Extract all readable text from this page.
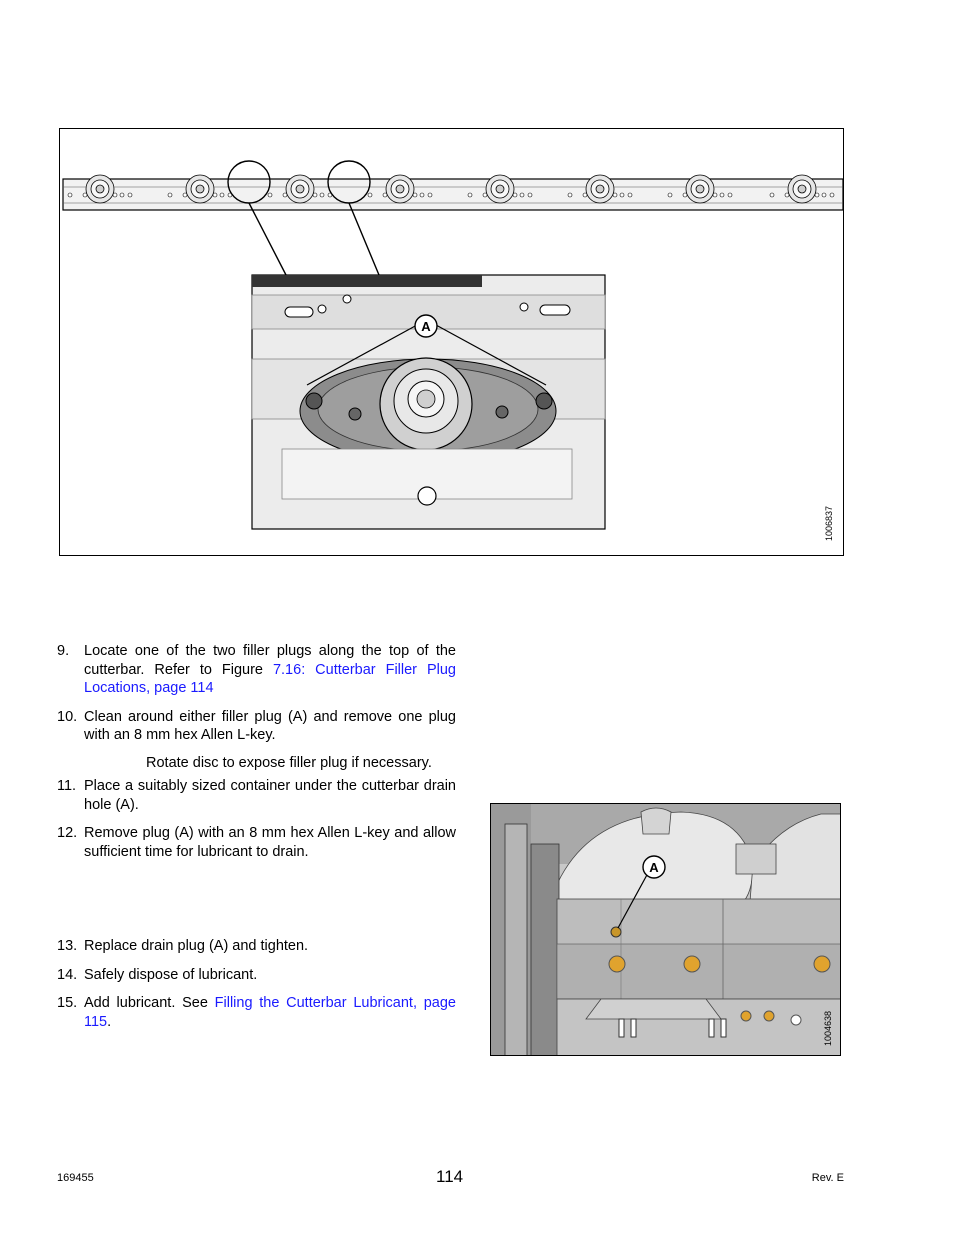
A
1006837
9. Locate one of the two filler plugs along the top of the cutterbar. Refer to Figure 7.16: Cutterbar Filler Plug Locations, page 114
10. Clean around either filler plug (A) and remove one plug with an 8 mm hex Allen L-key.
Rotate disc to expose filler plug if necessary.
11. Place a suitably sized container under the cutterbar drain hole (A).
12. Remove plug (A) with an 8 mm hex Allen L-key and allow sufficient time for lubricant to drain.
13. Replace drain plug (A) and tighten.
14. Safely dispose of lubricant.
15. Add lubricant. See Filling the Cutterbar Lubricant, page 115.
A
1004638
169455	114	Rev. E
